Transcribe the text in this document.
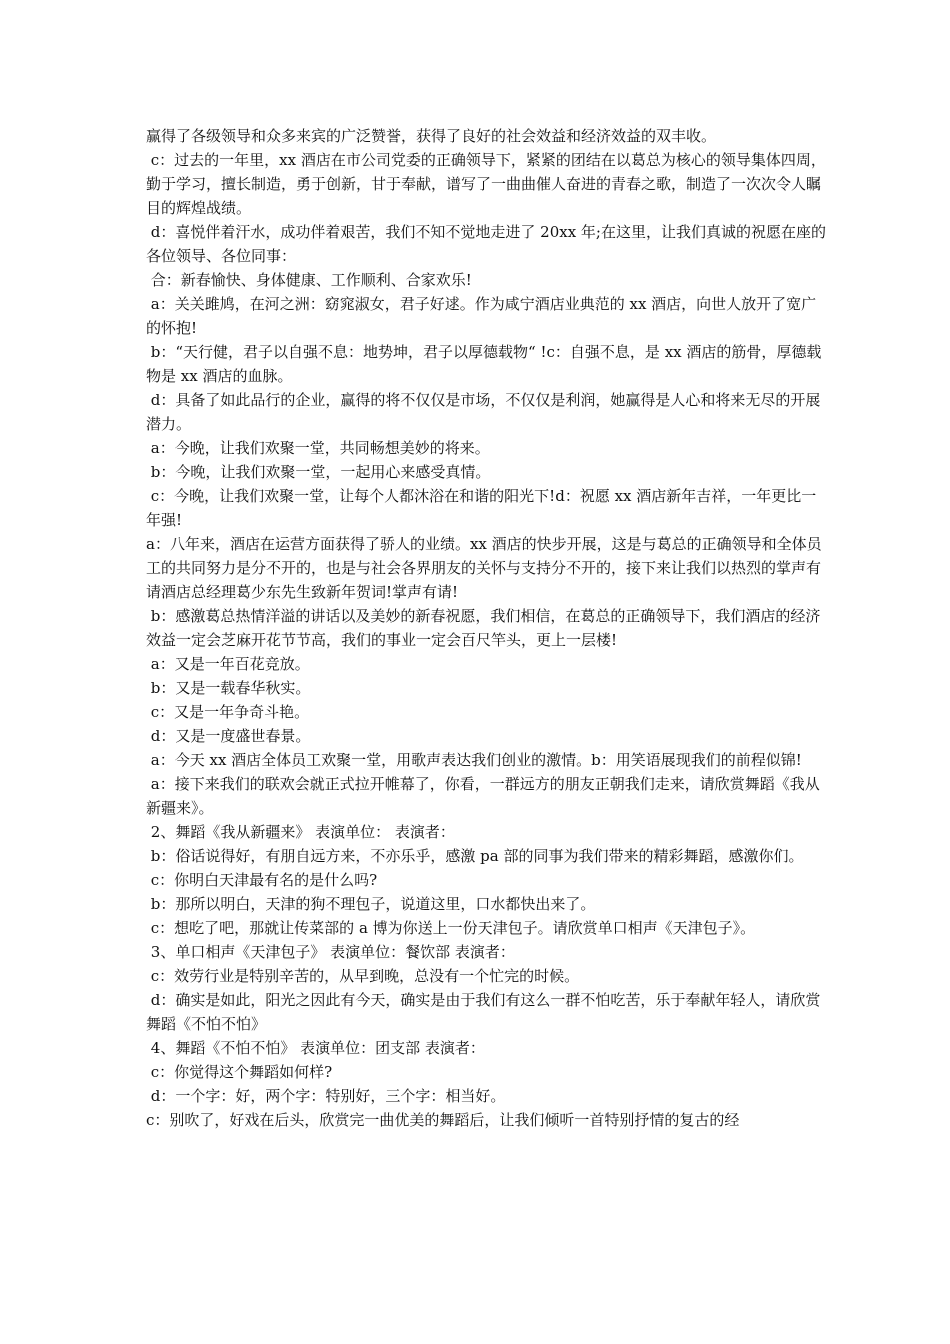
赢得了各级领导和众多来宾的广泛赞誉，获得了良好的社会效益和经济效益的双丰收。

c：过去的一年里，xx 酒店在市公司党委的正确领导下，紧紧的团结在以葛总为核心的领导集体四周，勤于学习，擅长制造，勇于创新，甘于奉献，谱写了一曲曲催人奋进的青春之歌，制造了一次次令人瞩目的辉煌战绩。

d：喜悦伴着汗水，成功伴着艰苦，我们不知不觉地走进了 20xx 年;在这里，让我们真诚的祝愿在座的各位领导、各位同事：

合：新春愉快、身体健康、工作顺利、合家欢乐!

a：关关雎鸠，在河之洲：窈窕淑女，君子好逑。作为咸宁酒店业典范的 xx 酒店，向世人放开了宽广的怀抱!

b：“天行健，君子以自强不息：地势坤，君子以厚德载物“ !c：自强不息，是 xx 酒店的筋骨，厚德载物是 xx 酒店的血脉。

d：具备了如此品行的企业，赢得的将不仅仅是市场，不仅仅是利润，她赢得是人心和将来无尽的开展潜力。

a：今晚，让我们欢聚一堂，共同畅想美妙的将来。

b：今晚，让我们欢聚一堂，一起用心来感受真情。

c：今晚，让我们欢聚一堂，让每个人都沐浴在和谐的阳光下!d：祝愿 xx 酒店新年吉祥，一年更比一年强!

a：八年来，酒店在运营方面获得了骄人的业绩。xx 酒店的快步开展，这是与葛总的正确领导和全体员工的共同努力是分不开的，也是与社会各界朋友的关怀与支持分不开的，接下来让我们以热烈的掌声有请酒店总经理葛少东先生致新年贺词!掌声有请!

b：感激葛总热情洋溢的讲话以及美妙的新春祝愿，我们相信，在葛总的正确领导下，我们酒店的经济效益一定会芝麻开花节节高，我们的事业一定会百尺竿头，更上一层楼!

a：又是一年百花竞放。

b：又是一载春华秋实。

c：又是一年争奇斗艳。

d：又是一度盛世春景。

a：今天 xx 酒店全体员工欢聚一堂，用歌声表达我们创业的激情。b：用笑语展现我们的前程似锦!

a：接下来我们的联欢会就正式拉开帷幕了，你看，一群远方的朋友正朝我们走来，请欣赏舞蹈《我从新疆来》。

2、舞蹈《我从新疆来》 表演单位： 表演者：

b：俗话说得好，有朋自远方来，不亦乐乎，感激 pa 部的同事为我们带来的精彩舞蹈，感激你们。

c：你明白天津最有名的是什么吗?

b：那所以明白，天津的狗不理包子，说道这里，口水都快出来了。

c：想吃了吧，那就让传菜部的 a 博为你送上一份天津包子。请欣赏单口相声《天津包子》。

3、单口相声《天津包子》 表演单位：餐饮部 表演者：

c：效劳行业是特别辛苦的，从早到晚，总没有一个忙完的时候。

d：确实是如此，阳光之因此有今天，确实是由于我们有这么一群不怕吃苦，乐于奉献年轻人，请欣赏舞蹈《不怕不怕》

4、舞蹈《不怕不怕》 表演单位：团支部 表演者：

c：你觉得这个舞蹈如何样?

d：一个字：好，两个字：特别好，三个字：相当好。

c：别吹了，好戏在后头，欣赏完一曲优美的舞蹈后，让我们倾听一首特别抒情的复古的经
